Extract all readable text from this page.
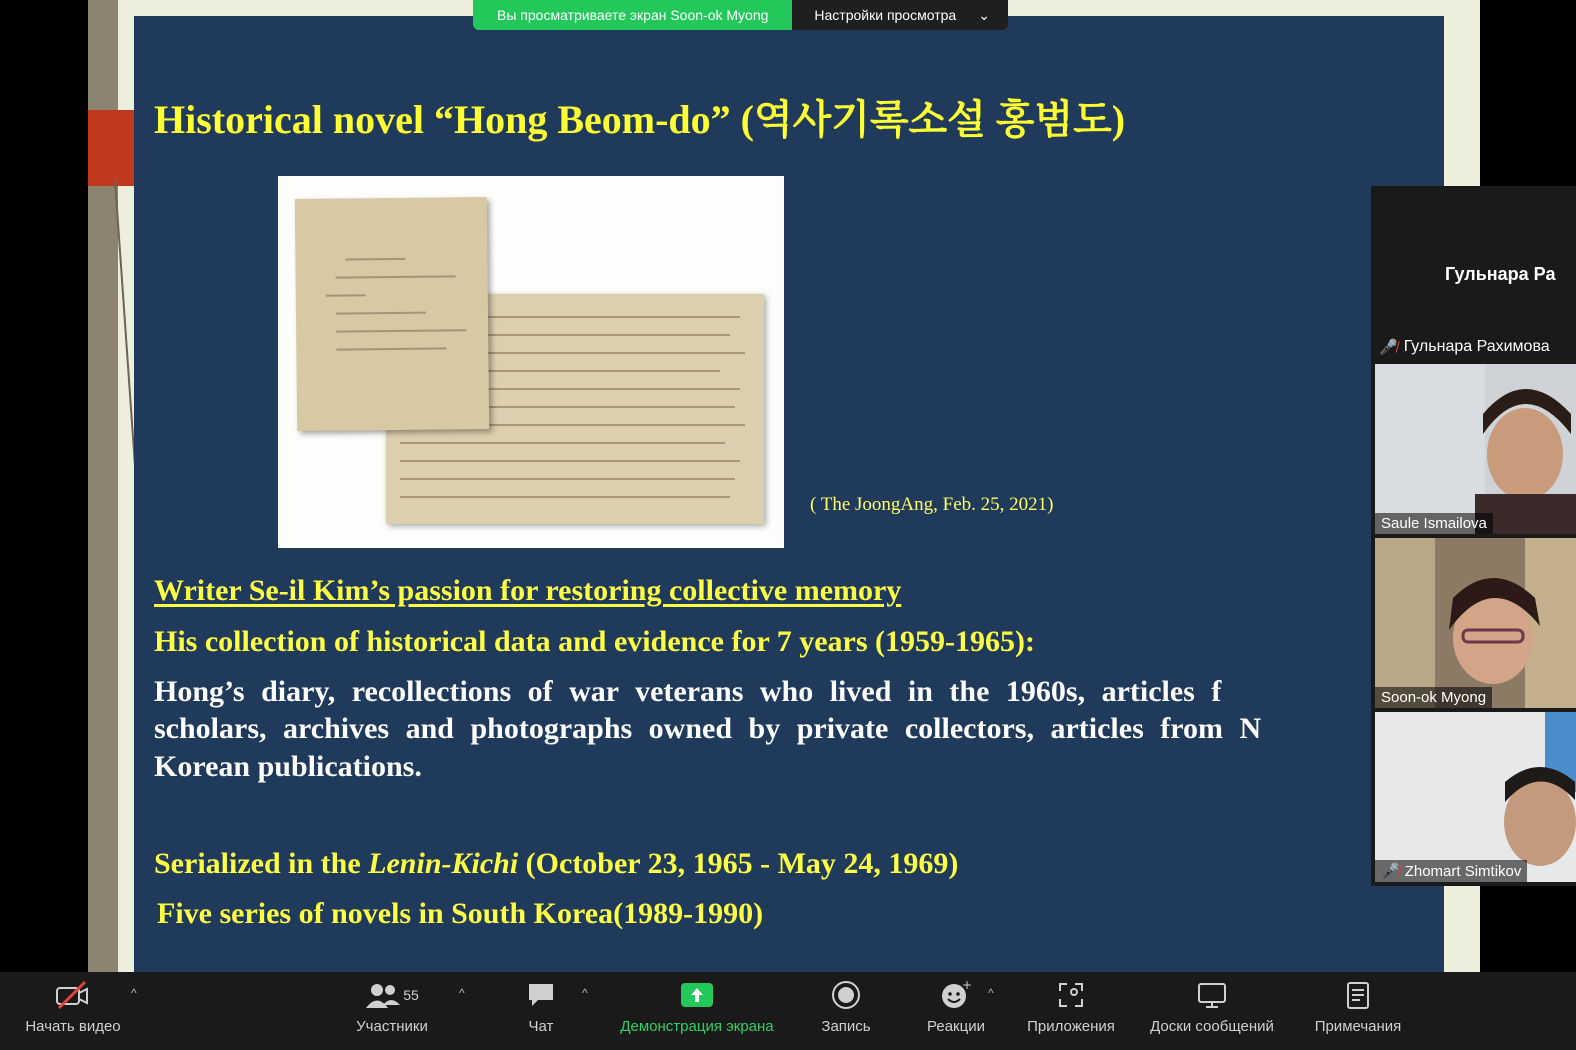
Historical novel “Hong Beom-do” (역사기록소설 홍범도)
( The JoongAng, Feb. 25, 2021)
Writer Se-il Kim’s passion for restoring collective memory
His collection of historical data and evidence for 7 years (1959-1965):
Hong’s diary, recollections of war veterans who lived in the 1960s, articles f
scholars, archives and photographs owned by private collectors, articles from N
Korean publications.
Serialized in the Lenin-Kichi (October 23, 1965 - May 24, 1969)
Five series of novels in South Korea(1989-1990)
Вы просматриваете экран Soon-ok Myong	Настройки просмотра ⌄
Гульнара Ра
🎤̸ Гульнара Рахимова
Saule Ismailova
Soon-ok Myong
🎤̸ Zhomart Simtikov
Начать видео
^	55
Участники
^
Чат
^
Демонстрация экрана	Запись
+
Реакции
^
Приложения	Доски сообщений	Примечания
